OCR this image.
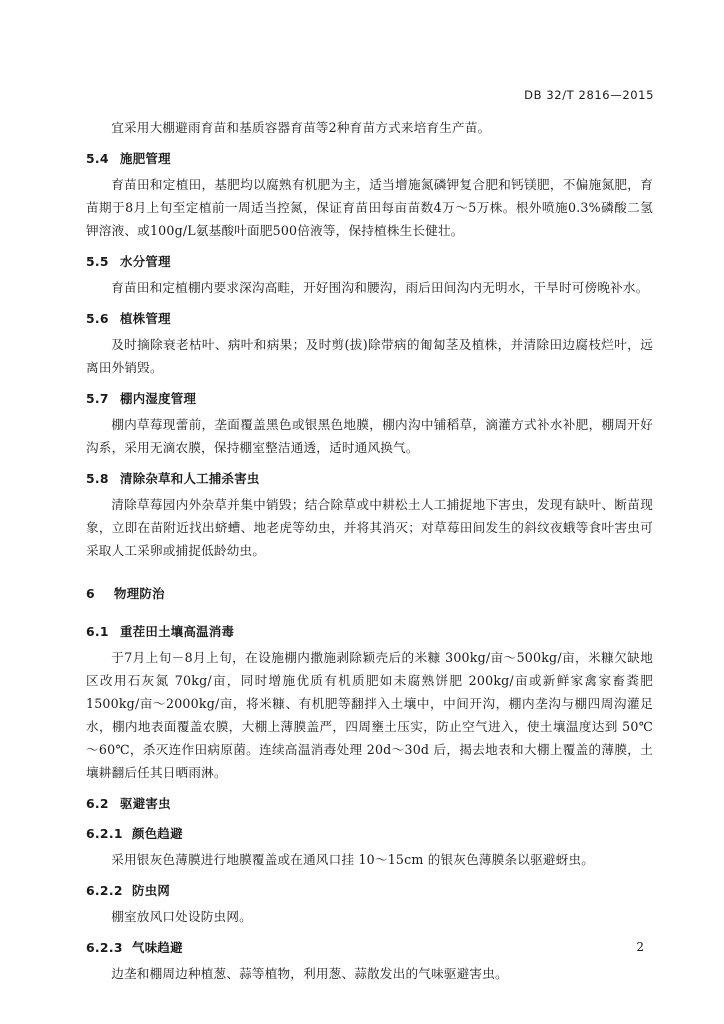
DB 32/T 2816—2015

宜采用大棚避雨育苗和基质容器育苗等2种育苗方式来培育生产苗。

5.4 施肥管理

育苗田和定植田，基肥均以腐熟有机肥为主，适当增施氮磷钾复合肥和钙镁肥，不偏施氮肥，育苗期于8月上旬至定植前一周适当控氮，保证育苗田每亩苗数4万～5万株。根外喷施0.3%磷酸二氢钾溶液、或100g/L氨基酸叶面肥500倍液等，保持植株生长健壮。

5.5 水分管理

育苗田和定植棚内要求深沟高畦，开好围沟和腰沟，雨后田间沟内无明水，干旱时可傍晚补水。

5.6 植株管理

及时摘除衰老枯叶、病叶和病果；及时剪(拔)除带病的匍匐茎及植株，并清除田边腐枝烂叶，远离田外销毁。

5.7 棚内湿度管理

棚内草莓现蕾前，垄面覆盖黑色或银黑色地膜，棚内沟中铺稻草，滴灌方式补水补肥，棚周开好沟系，采用无滴农膜，保持棚室整洁通透，适时通风换气。

5.8 清除杂草和人工捕杀害虫

清除草莓园内外杂草并集中销毁；结合除草或中耕松土人工捕捉地下害虫，发现有缺叶、断苗现象，立即在苗附近找出蛴螬、地老虎等幼虫，并将其消灭；对草莓田间发生的斜纹夜蛾等食叶害虫可采取人工采卵或捕捉低龄幼虫。

6 物理防治
6.1 重茬田土壤高温消毒

于7月上旬－8月上旬，在设施棚内撒施剥除颖壳后的米糠 300kg/亩～500kg/亩，米糠欠缺地区改用石灰氮 70kg/亩，同时增施优质有机质肥如未腐熟饼肥 200kg/亩或新鲜家禽家畜粪肥 1500kg/亩～2000kg/亩，将米糠、有机肥等翻拌入土壤中，中间开沟，棚内垄沟与棚四周沟灌足水，棚内地表面覆盖农膜，大棚上薄膜盖严，四周壅土压实，防止空气进入，使土壤温度达到 50℃～60℃，杀灭连作田病原菌。连续高温消毒处理 20d～30d 后，揭去地表和大棚上覆盖的薄膜，土壤耕翻后任其日晒雨淋。

6.2 驱避害虫
6.2.1 颜色趋避

采用银灰色薄膜进行地膜覆盖或在通风口挂 10～15cm 的银灰色薄膜条以驱避蚜虫。

6.2.2 防虫网

棚室放风口处设防虫网。

6.2.3 气味趋避

边垄和棚周边种植葱、蒜等植物，利用葱、蒜散发出的气味驱避害虫。

2
